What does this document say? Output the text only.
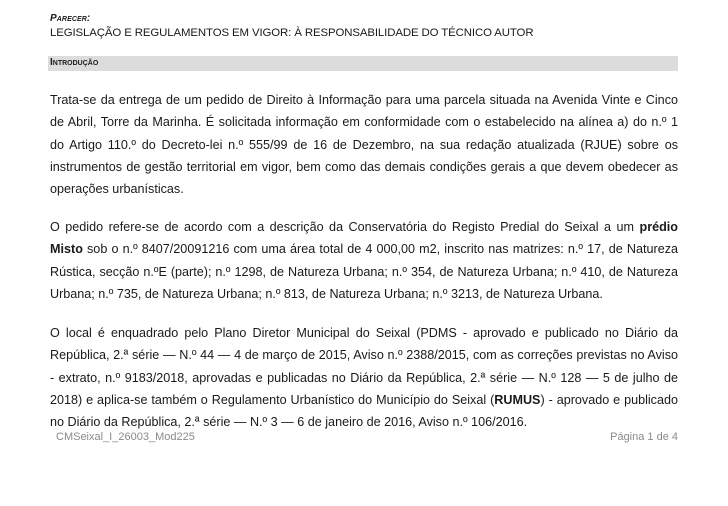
Parecer:
LEGISLAÇÃO E REGULAMENTOS EM VIGOR: À RESPONSABILIDADE DO TÉCNICO AUTOR
Introdução
Trata-se da entrega de um pedido de Direito à Informação para uma parcela situada na Avenida Vinte e Cinco de Abril, Torre da Marinha. É solicitada informação em conformidade com o estabelecido na alínea a) do n.º 1 do Artigo 110.º do Decreto-lei n.º 555/99 de 16 de Dezembro, na sua redação atualizada (RJUE) sobre os instrumentos de gestão territorial em vigor, bem como das demais condições gerais a que devem obedecer as operações urbanísticas.
O pedido refere-se de acordo com a descrição da Conservatória do Registo Predial do Seixal a um prédio Misto sob o n.º 8407/20091216 com uma área total de 4 000,00 m2, inscrito nas matrizes: n.º 17, de Natureza Rústica, secção n.ºE (parte); n.º 1298, de Natureza Urbana; n.º 354, de Natureza Urbana; n.º 410, de Natureza Urbana; n.º 735, de Natureza Urbana; n.º 813, de Natureza Urbana; n.º 3213, de Natureza Urbana.
O local é enquadrado pelo Plano Diretor Municipal do Seixal (PDMS - aprovado e publicado no Diário da República, 2.ª série — N.º 44 — 4 de março de 2015, Aviso n.º 2388/2015, com as correções previstas no Aviso - extrato, n.º 9183/2018, aprovadas e publicadas no Diário da República, 2.ª série — N.º 128 — 5 de julho de 2018) e aplica-se também o Regulamento Urbanístico do Município do Seixal (RUMUS) - aprovado e publicado no Diário da República, 2.ª série — N.º 3 — 6 de janeiro de 2016, Aviso n.º 106/2016.
CMSeixal_I_26003_Mod225	Página 1 de 4
